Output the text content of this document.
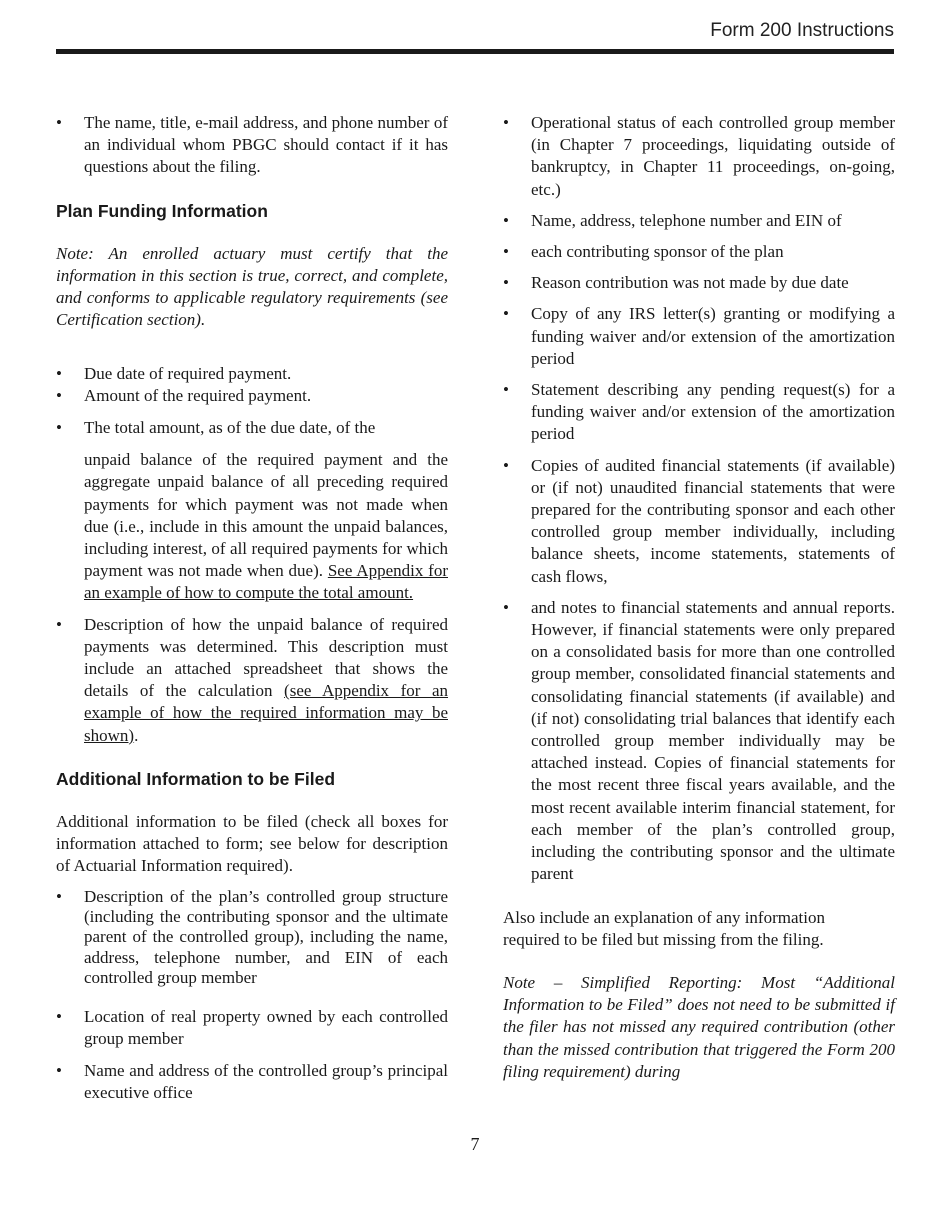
Form 200 Instructions
•	The name, title, e-mail address, and phone number of an individual whom PBGC should contact if it has questions about the filing.
Plan Funding Information

Note: An enrolled actuary must certify that the information in this section is true, correct, and complete, and conforms to applicable regulatory requirements (see Certification section).

•	Due date of required payment.
•	Amount of the required payment.
•	The total amount, as of the due date, of the

unpaid balance of the required payment and the aggregate unpaid balance of all preceding required payments for which payment was not made when due (i.e., include in this amount the unpaid balances, including interest, of all required payments for which payment was not made when due). See Appendix for an example of how to compute the total amount.

•	Description of how the unpaid balance of required payments was determined. This description must include an attached spreadsheet that shows the details of the calculation (see Appendix for an example of how the required information may be shown).
Additional Information to be Filed

Additional information to be filed (check all boxes for information attached to form; see below for description of Actuarial Information required).

•	Description of the plan’s controlled group structure (including the contributing sponsor and the ultimate parent of the controlled group), including the name, address, telephone number, and EIN of each controlled group member
•	Location of real property owned by each controlled group member
•	Name and address of the controlled group’s principal executive office
•	Operational status of each controlled group member (in Chapter 7 proceedings, liquidating outside of bankruptcy, in Chapter 11 proceedings, on-going, etc.)
•	Name, address, telephone number and EIN of
•	each contributing sponsor of the plan
•	Reason contribution was not made by due date
•	Copy of any IRS letter(s) granting or modifying a funding waiver and/or extension of the amortization period
•	Statement describing any pending request(s) for a funding waiver and/or extension of the amortization period
•	Copies of audited financial statements (if available) or (if not) unaudited financial statements that were prepared for the contributing sponsor and each other controlled group member individually, including balance sheets, income statements, statements of cash flows,
•	and notes to financial statements and annual reports. However, if financial statements were only prepared on a consolidated basis for more than one controlled group member, consolidated financial statements and consolidating financial statements (if available) and (if not) consolidating trial balances that identify each controlled group member individually may be attached instead. Copies of financial statements for the most recent three fiscal years available, and the most recent available interim financial statement, for each member of the plan’s controlled group, including the contributing sponsor and the ultimate parent

Also include an explanation of any information
required to be filed but missing from the filing.

Note – Simplified Reporting: Most “Additional Information to be Filed” does not need to be submitted if the filer has not missed any required contribution (other than the missed contribution that triggered the Form 200 filing requirement) during

7
